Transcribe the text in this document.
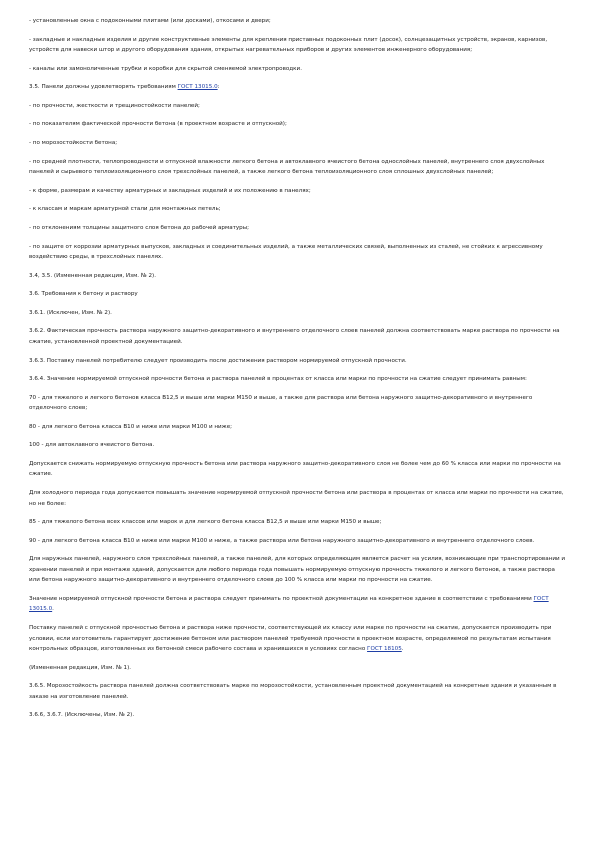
- установленные окна с подоконными плитами (или досками), откосами и двери;

- закладные и накладные изделия и другие конструктивные элементы для крепления приставных подоконных плит (досок), солнцезащитных устройств, экранов, карнизов, устройств для навески штор и другого оборудования здания, открытых нагревательных приборов и других элементов инженерного оборудования;

- каналы или замоноличенные трубки и коробки для скрытой сменяемой электропроводки.

3.5. Панели должны удовлетворять требованиям ГОСТ 13015.0:

- по прочности, жесткости и трещиностойкости панелей;

- по показателям фактической прочности бетона (в проектном возрасте и отпускной);

- по морозостойкости бетона;

- по средней плотности, теплопроводности и отпускной влажности легкого бетона и автоклавного ячеистого бетона однослойных панелей, внутреннего слоя двухслойных панелей и сырьевого теплоизоляционного слоя трехслойных панелей, а также легкого бетона теплоизоляционного слоя сплошных двухслойных панелей;

- к форме, размерам и качеству арматурных и закладных изделий и их положению в панелях;

- к классам и маркам арматурной стали для монтажных петель;

- по отклонениям толщины защитного слоя бетона до рабочей арматуры;

- по защите от коррозии арматурных выпусков, закладных и соединительных изделий, а также металлических связей, выполненных из сталей, не стойких к агрессивному воздействию среды, в трехслойных панелях.

3.4, 3.5. (Измененная редакция, Изм. № 2).

3.6. Требования к бетону и раствору

3.6.1. (Исключен, Изм. № 2).

3.6.2. Фактическая прочность раствора наружного защитно-декоративного и внутреннего отделочного слоев панелей должна соответствовать марке раствора по прочности на сжатие, установленной проектной документацией.

3.6.3. Поставку панелей потребителю следует производить после достижения раствором нормируемой отпускной прочности.

3.6.4. Значение нормируемой отпускной прочности бетона и раствора панелей в процентах от класса или марки по прочности на сжатие следует принимать равным:

70 - для тяжелого и легкого бетонов класса В12,5 и выше или марки М150 и выше, а также для раствора или бетона наружного защитно-декоративного и внутреннего отделочного слоев;

80 - для легкого бетона класса В10 и ниже или марки М100 и ниже;

100 - для автоклавного ячеистого бетона.

Допускается снижать нормируемую отпускную прочность бетона или раствора наружного защитно-декоративного слоя не более чем до 60 % класса или марки по прочности на сжатие.

Для холодного периода года допускается повышать значение нормируемой отпускной прочности бетона или раствора в процентах от класса или марки по прочности на сжатие, но не более:

85 - для тяжелого бетона всех классов или марок и для легкого бетона класса В12,5 и выше или марки М150 и выше;

90 - для легкого бетона класса В10 и ниже или марки М100 и ниже, а также раствора или бетона наружного защитно-декоративного и внутреннего отделочного слоев.

Для наружных панелей, наружного слоя трехслойных панелей, а также панелей, для которых определяющим является расчет на усилия, возникающие при транспортировании и хранении панелей и при монтаже зданий, допускается для любого периода года повышать нормируемую отпускную прочность тяжелого и легкого бетонов, а также раствора или бетона наружного защитно-декоративного и внутреннего отделочного слоев до 100 % класса или марки по прочности на сжатие.

Значение нормируемой отпускной прочности бетона и раствора следует принимать по проектной документации на конкретное здание в соответствии с требованиями ГОСТ 13015.0.

Поставку панелей с отпускной прочностью бетона и раствора ниже прочности, соответствующей их классу или марке по прочности на сжатие, допускается производить при условии, если изготовитель гарантирует достижение бетоном или раствором панелей требуемой прочности в проектном возрасте, определяемой по результатам испытания контрольных образцов, изготовленных из бетонной смеси рабочего состава и хранившихся в условиях согласно ГОСТ 18105.

(Измененная редакция, Изм. № 1).

3.6.5. Морозостойкость раствора панелей должна соответствовать марке по морозостойкости, установленным проектной документацией на конкретные здания и указанным в заказе на изготовление панелей.

3.6.6, 3.6.7. (Исключены, Изм. № 2).
